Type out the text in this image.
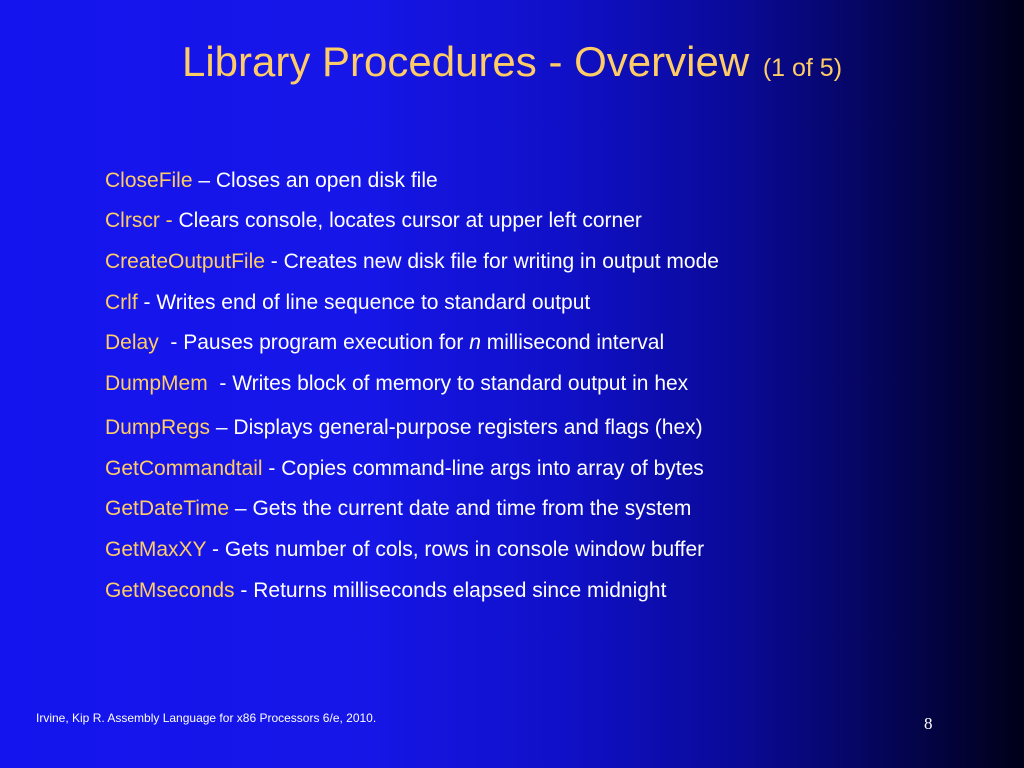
Library Procedures - Overview (1 of 5)
CloseFile – Closes an open disk file
Clrscr - Clears console, locates cursor at upper left corner
CreateOutputFile - Creates new disk file for writing in output mode
Crlf - Writes end of line sequence to standard output
Delay  - Pauses program execution for n millisecond interval
DumpMem  - Writes block of memory to standard output in hex
DumpRegs – Displays general-purpose registers and flags (hex)
GetCommandtail - Copies command-line args into array of bytes
GetDateTime – Gets the current date and time from the system
GetMaxXY - Gets number of cols, rows in console window buffer
GetMseconds - Returns milliseconds elapsed since midnight
Irvine, Kip R. Assembly Language for x86 Processors 6/e, 2010.	8
